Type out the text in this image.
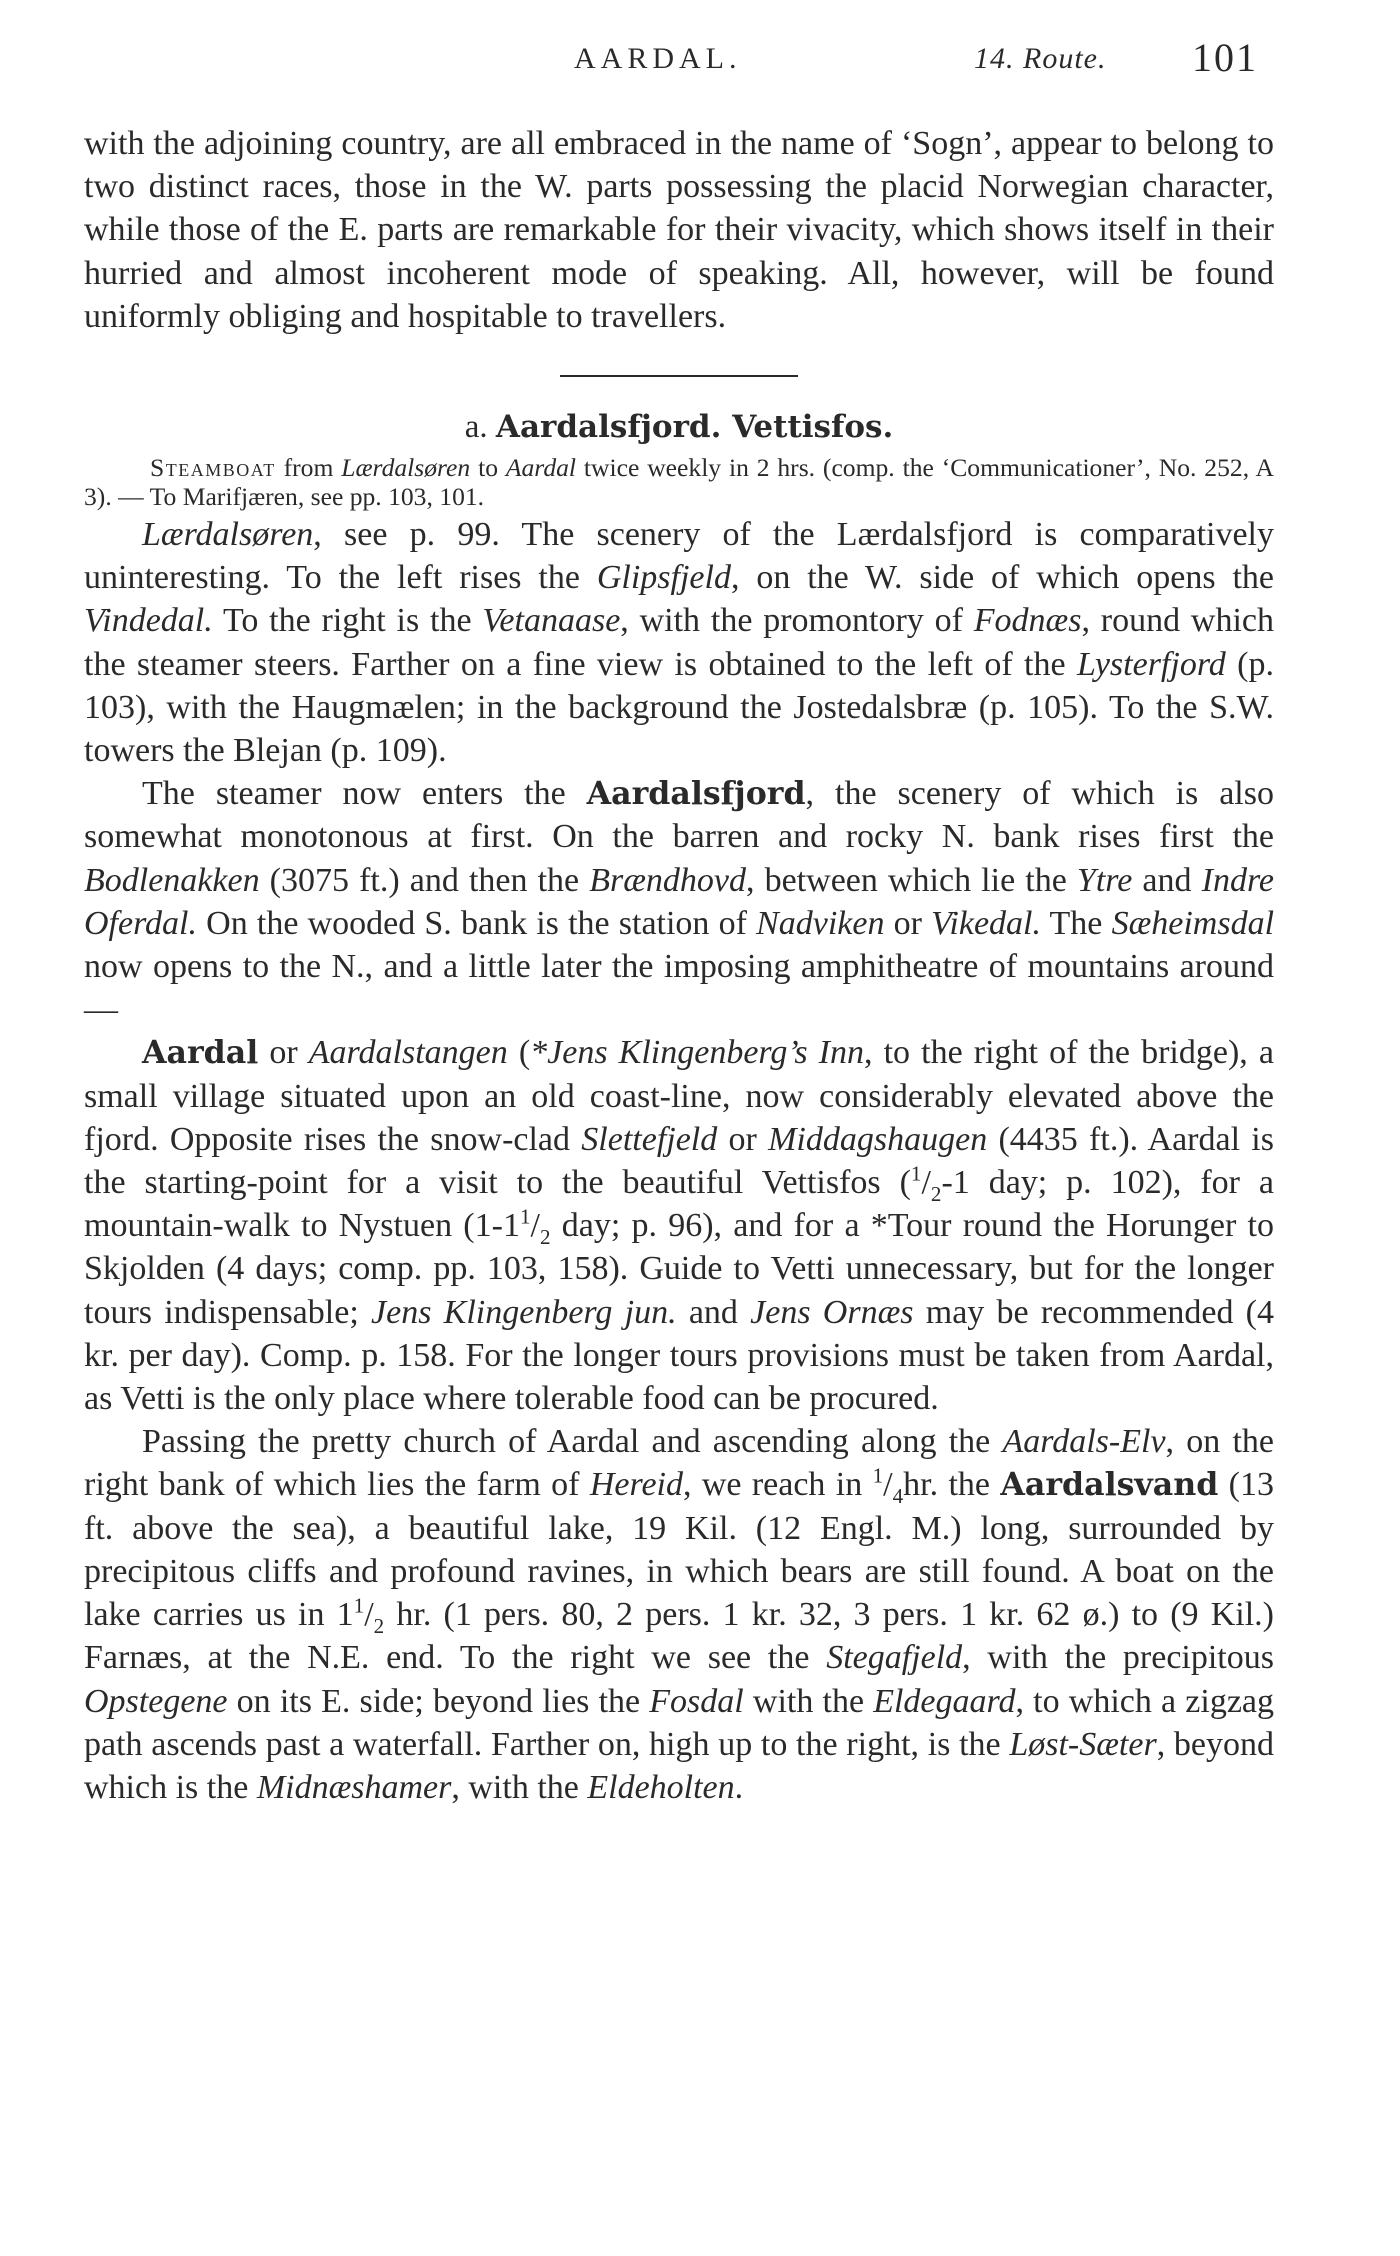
AARDAL.	14. Route. 101

with the adjoining country, are all embraced in the name of ‘Sogn’, appear to belong to two distinct races, those in the W. parts possessing the placid Norwegian character, while those of the E. parts are remarkable for their vivacity, which shows itself in their hurried and almost incoherent mode of speaking. All, however, will be found uniformly obliging and hospitable to travellers.

a. Aardalsfjord. Vettisfos.

Steamboat from Lærdalsøren to Aardal twice weekly in 2 hrs. (comp. the ‘Communicationer’, No. 252, A 3). — To Marifjæren, see pp. 103, 101.

Lærdalsøren, see p. 99. The scenery of the Lærdalsfjord is comparatively uninteresting. To the left rises the Glipsfjeld, on the W. side of which opens the Vindedal. To the right is the Vetanaase, with the promontory of Fodnæs, round which the steamer steers. Farther on a fine view is obtained to the left of the Lysterfjord (p. 103), with the Haugmælen; in the background the Jostedalsbræ (p. 105). To the S.W. towers the Blejan (p. 109).

The steamer now enters the Aardalsfjord, the scenery of which is also somewhat monotonous at first. On the barren and rocky N. bank rises first the Bodlenakken (3075 ft.) and then the Brændhovd, between which lie the Ytre and Indre Oferdal. On the wooded S. bank is the station of Nadviken or Vikedal. The Sæheimsdal now opens to the N., and a little later the imposing amphitheatre of mountains around —

Aardal or Aardalstangen (*Jens Klingenberg’s Inn, to the right of the bridge), a small village situated upon an old coast-line, now considerably elevated above the fjord. Opposite rises the snow-clad Slettefjeld or Middagshaugen (4435 ft.). Aardal is the starting-point for a visit to the beautiful Vettisfos ($^1/_2-1$ day; p. 102), for a mountain-walk to Nystuen ($1-1^1/_2$ day; p. 96), and for a *Tour round the Horunger to Skjolden (4 days; comp. pp. 103, 158). Guide to Vetti unnecessary, but for the longer tours indispensable; Jens Klingenberg jun. and Jens Ornæs may be recommended (4 kr. per day). Comp. p. 158. For the longer tours provisions must be taken from Aardal, as Vetti is the only place where tolerable food can be procured.

Passing the pretty church of Aardal and ascending along the Aardals-Elv, on the right bank of which lies the farm of Hereid, we reach in $^1/_4hr$. the Aardalsvand (13 ft. above the sea), a beautiful lake, 19 Kil. (12 Engl. M.) long, surrounded by precipitous cliffs and profound ravines, in which bears are still found. A boat on the lake carries us in $1^1/_2$ hr. (1 pers. 80, 2 pers. 1 kr. 32, 3 pers. 1 kr. 62 ø.) to (9 Kil.) Farnæs, at the N.E. end. To the right we see the Stegafjeld, with the precipitous Opstegene on its E. side; beyond lies the Fosdal with the Eldegaard, to which a zigzag path ascends past a waterfall. Farther on, high up to the right, is the Løst-Sæter, beyond which is the Midnæshamer, with the Eldeholten.
